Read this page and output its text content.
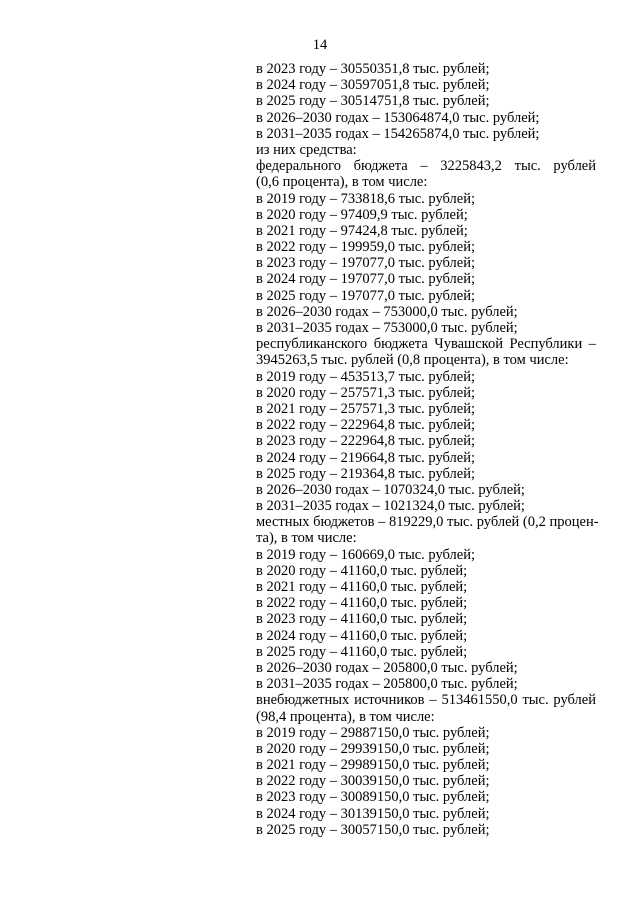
14
в 2023 году – 30550351,8 тыс. рублей;
в 2024 году – 30597051,8 тыс. рублей;
в 2025 году – 30514751,8 тыс. рублей;
в 2026–2030 годах – 153064874,0 тыс. рублей;
в 2031–2035 годах – 154265874,0 тыс. рублей;
из них средства:
федерального бюджета – 3225843,2 тыс. рублей
(0,6 процента), в том числе:
в 2019 году – 733818,6 тыс. рублей;
в 2020 году – 97409,9 тыс. рублей;
в 2021 году – 97424,8 тыс. рублей;
в 2022 году – 199959,0 тыс. рублей;
в 2023 году – 197077,0 тыс. рублей;
в 2024 году – 197077,0 тыс. рублей;
в 2025 году – 197077,0 тыс. рублей;
в 2026–2030 годах – 753000,0 тыс. рублей;
в 2031–2035 годах – 753000,0 тыс. рублей;
республиканского бюджета Чувашской Республики –
3945263,5 тыс. рублей (0,8 процента), в том числе:
в 2019 году – 453513,7 тыс. рублей;
в 2020 году – 257571,3 тыс. рублей;
в 2021 году – 257571,3 тыс. рублей;
в 2022 году – 222964,8 тыс. рублей;
в 2023 году – 222964,8 тыс. рублей;
в 2024 году – 219664,8 тыс. рублей;
в 2025 году – 219364,8 тыс. рублей;
в 2026–2030 годах – 1070324,0 тыс. рублей;
в 2031–2035 годах – 1021324,0 тыс. рублей;
местных бюджетов – 819229,0 тыс. рублей (0,2 процен-
та), в том числе:
в 2019 году – 160669,0 тыс. рублей;
в 2020 году – 41160,0 тыс. рублей;
в 2021 году – 41160,0 тыс. рублей;
в 2022 году – 41160,0 тыс. рублей;
в 2023 году – 41160,0 тыс. рублей;
в 2024 году – 41160,0 тыс. рублей;
в 2025 году – 41160,0 тыс. рублей;
в 2026–2030 годах – 205800,0 тыс. рублей;
в 2031–2035 годах – 205800,0 тыс. рублей;
внебюджетных источников – 513461550,0 тыс. рублей
(98,4 процента), в том числе:
в 2019 году – 29887150,0 тыс. рублей;
в 2020 году – 29939150,0 тыс. рублей;
в 2021 году – 29989150,0 тыс. рублей;
в 2022 году – 30039150,0 тыс. рублей;
в 2023 году – 30089150,0 тыс. рублей;
в 2024 году – 30139150,0 тыс. рублей;
в 2025 году – 30057150,0 тыс. рублей;
